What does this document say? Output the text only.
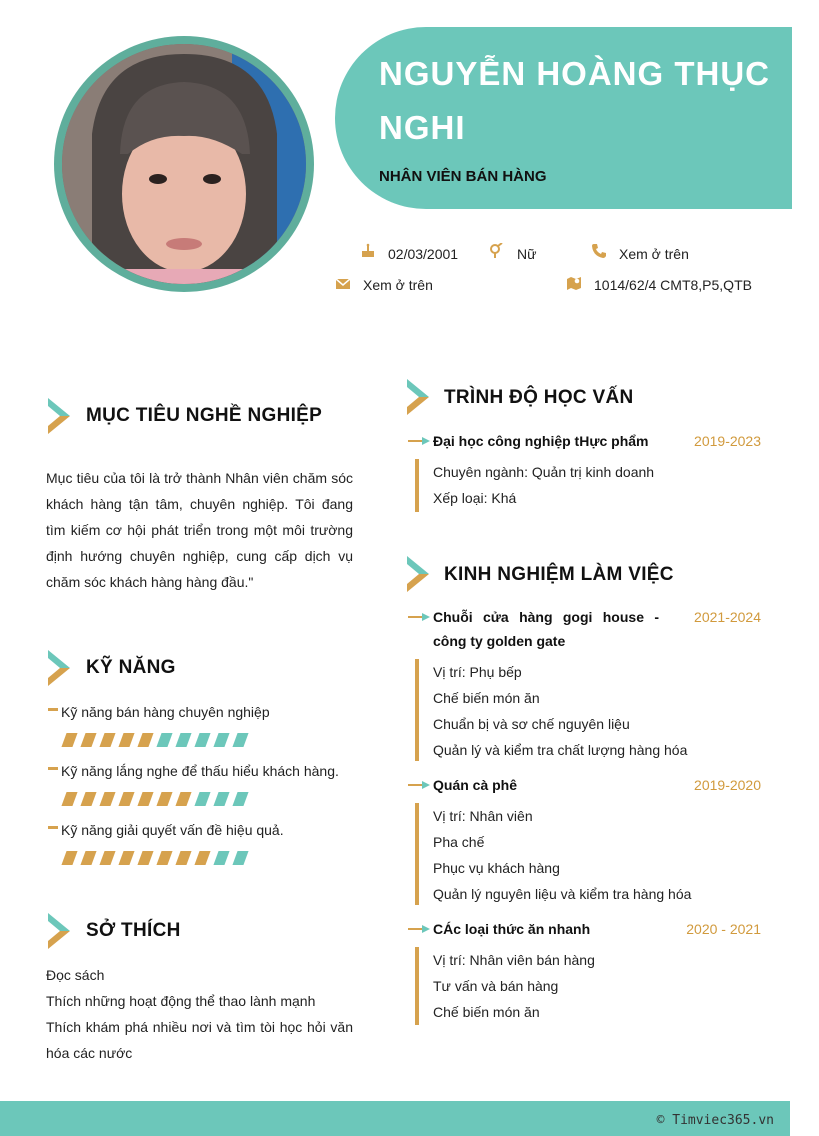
NGUYỄN HOÀNG THỤC NGHI
NHÂN VIÊN BÁN HÀNG
02/03/2001	Nữ	Xem ở trên
Xem ở trên	1014/62/4 CMT8,P5,QTB
MỤC TIÊU NGHỀ NGHIỆP
Mục tiêu của tôi là trở thành Nhân viên chăm sóc khách hàng tận tâm, chuyên nghiệp. Tôi đang tìm kiếm cơ hội phát triển trong một môi trường định hướng chuyên nghiệp, cung cấp dịch vụ chăm sóc khách hàng hàng đầu."
KỸ NĂNG
Kỹ năng bán hàng chuyên nghiệp
Kỹ năng lắng nghe để thấu hiểu khách hàng.
Kỹ năng giải quyết vấn đề hiệu quả.
SỞ THÍCH
Đọc sách
Thích những hoạt động thể thao lành mạnh
Thích khám phá nhiều nơi và tìm tòi học hỏi văn hóa các nước
TRÌNH ĐỘ HỌC VẤN
Đại học công nghiệp tHực phẩm	2019-2023
Chuyên ngành: Quản trị kinh doanh
Xếp loại: Khá
KINH NGHIỆM LÀM VIỆC
Chuỗi cửa hàng gogi house - công ty golden gate
2021-2024
Vị trí: Phụ bếp
Chế biến món ăn
Chuẩn bị và sơ chế nguyên liệu
Quản lý và kiểm tra chất lượng hàng hóa
Quán cà phê	2019-2020
Vị trí: Nhân viên
Pha chế
Phục vụ khách hàng
Quản lý nguyên liệu và kiểm tra hàng hóa
CÁc loại thức ăn nhanh	2020 - 2021
Vị trí: Nhân viên bán hàng
Tư vấn và bán hàng
Chế biến món ăn
© Timviec365.vn
